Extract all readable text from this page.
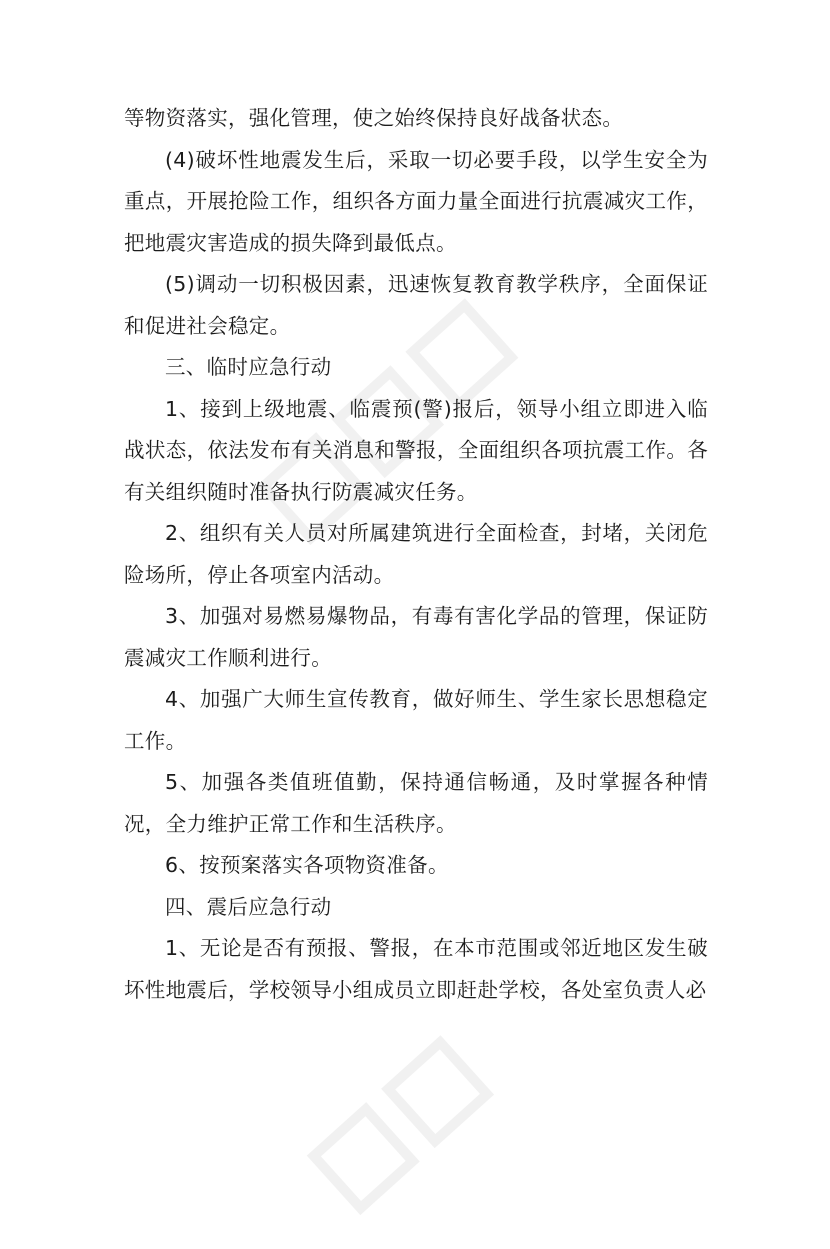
等物资落实，强化管理，使之始终保持良好战备状态。

(4)破坏性地震发生后，采取一切必要手段，以学生安全为重点，开展抢险工作，组织各方面力量全面进行抗震减灾工作，把地震灾害造成的损失降到最低点。

(5)调动一切积极因素，迅速恢复教育教学秩序，全面保证和促进社会稳定。

三、临时应急行动

1、接到上级地震、临震预(警)报后，领导小组立即进入临战状态，依法发布有关消息和警报，全面组织各项抗震工作。各有关组织随时准备执行防震减灾任务。

2、组织有关人员对所属建筑进行全面检查，封堵，关闭危险场所，停止各项室内活动。

3、加强对易燃易爆物品，有毒有害化学品的管理，保证防震减灾工作顺利进行。

4、加强广大师生宣传教育，做好师生、学生家长思想稳定工作。

5、加强各类值班值勤，保持通信畅通，及时掌握各种情况，全力维护正常工作和生活秩序。

6、按预案落实各项物资准备。

四、震后应急行动

1、无论是否有预报、警报，在本市范围或邻近地区发生破坏性地震后，学校领导小组成员立即赶赴学校，各处室负责人必
